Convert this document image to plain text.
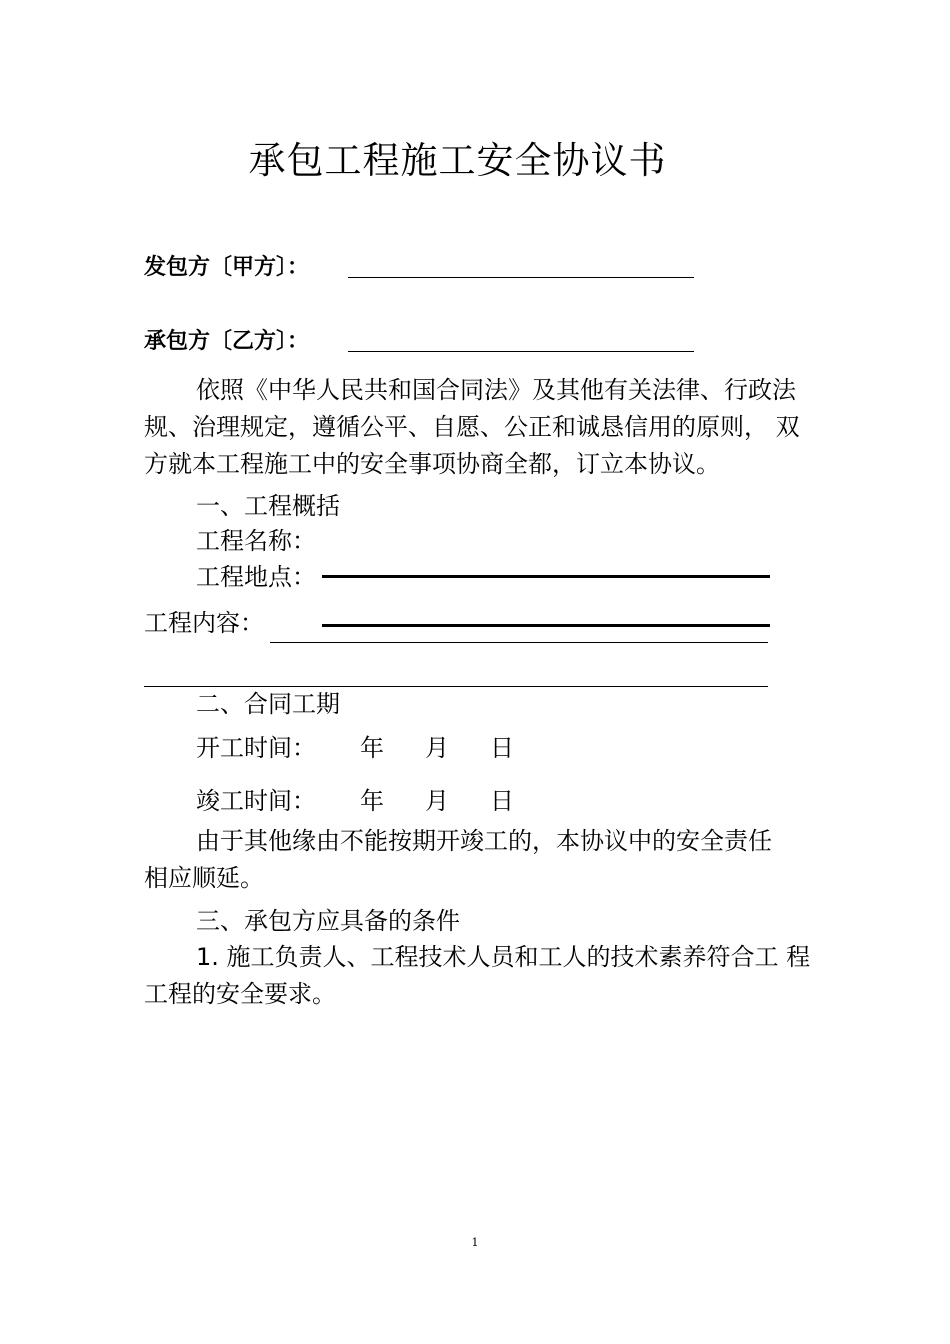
承包工程施工安全协议书
发包方〔甲方〕：
承包方〔乙方〕：
依照《中华人民共和国合同法》及其他有关法律、行政法规、治理规定，遵循公平、自愿、公正和诚恳信用的原则， 双方就本工程施工中的安全事项协商全都，订立本协议。
一、工程概括
工程名称：
工程地点：
工程内容：
二、合同工期
开工时间： 年 月 日
竣工时间： 年 月 日
由于其他缘由不能按期开竣工的，本协议中的安全责任相应顺延。
三、承包方应具备的条件
1. 施工负责人、工程技术人员和工人的技术素养符合工 程工程的安全要求。
1
